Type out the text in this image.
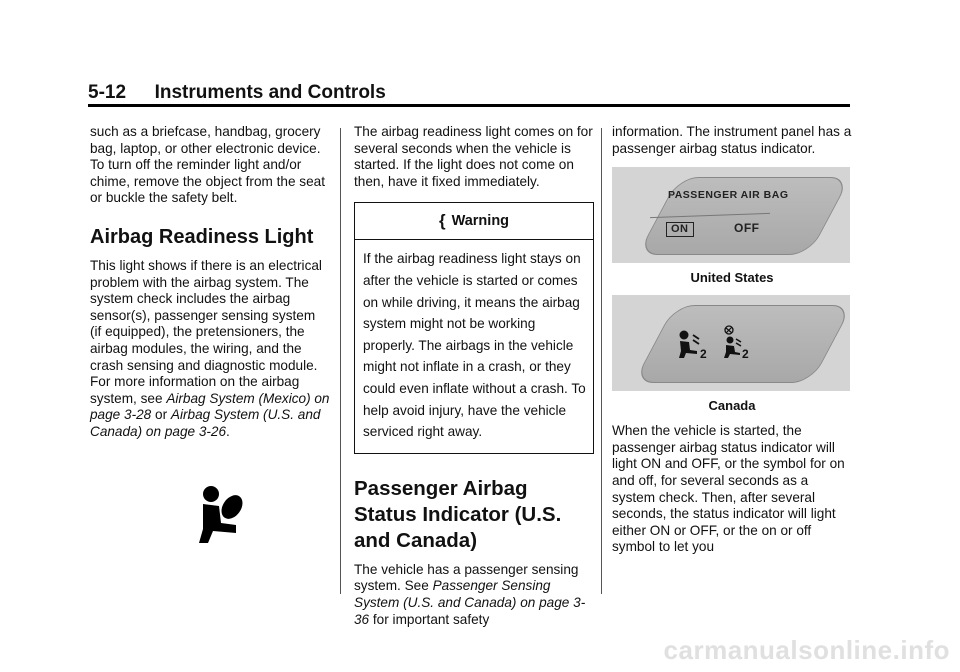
5-12 Instruments and Controls

such as a briefcase, handbag, grocery bag, laptop, or other electronic device. To turn off the reminder light and/or chime, remove the object from the seat or buckle the safety belt.

Airbag Readiness Light

This light shows if there is an electrical problem with the airbag system. The system check includes the airbag sensor(s), passenger sensing system (if equipped), the pretensioners, the airbag modules, the wiring, and the crash sensing and diagnostic module. For more information on the airbag system, see Airbag System (Mexico) on page 3-28 or Airbag System (U.S. and Canada) on page 3-26.

The airbag readiness light comes on for several seconds when the vehicle is started. If the light does not come on then, have it fixed immediately.

{ Warning
If the airbag readiness light stays on after the vehicle is started or comes on while driving, it means the airbag system might not be working properly. The airbags in the vehicle might not inflate in a crash, or they could even inflate without a crash. To help avoid injury, have the vehicle serviced right away.
Passenger Airbag Status Indicator (U.S. and Canada)

The vehicle has a passenger sensing system. See Passenger Sensing System (U.S. and Canada) on page 3-36 for important safety

information. The instrument panel has a passenger airbag status indicator.

PASSENGER AIR BAG
ON	OFF
United States
2	2
Canada

When the vehicle is started, the passenger airbag status indicator will light ON and OFF, or the symbol for on and off, for several seconds as a system check. Then, after several seconds, the status indicator will light either ON or OFF, or the on or off symbol to let you

carmanualsonline.info
